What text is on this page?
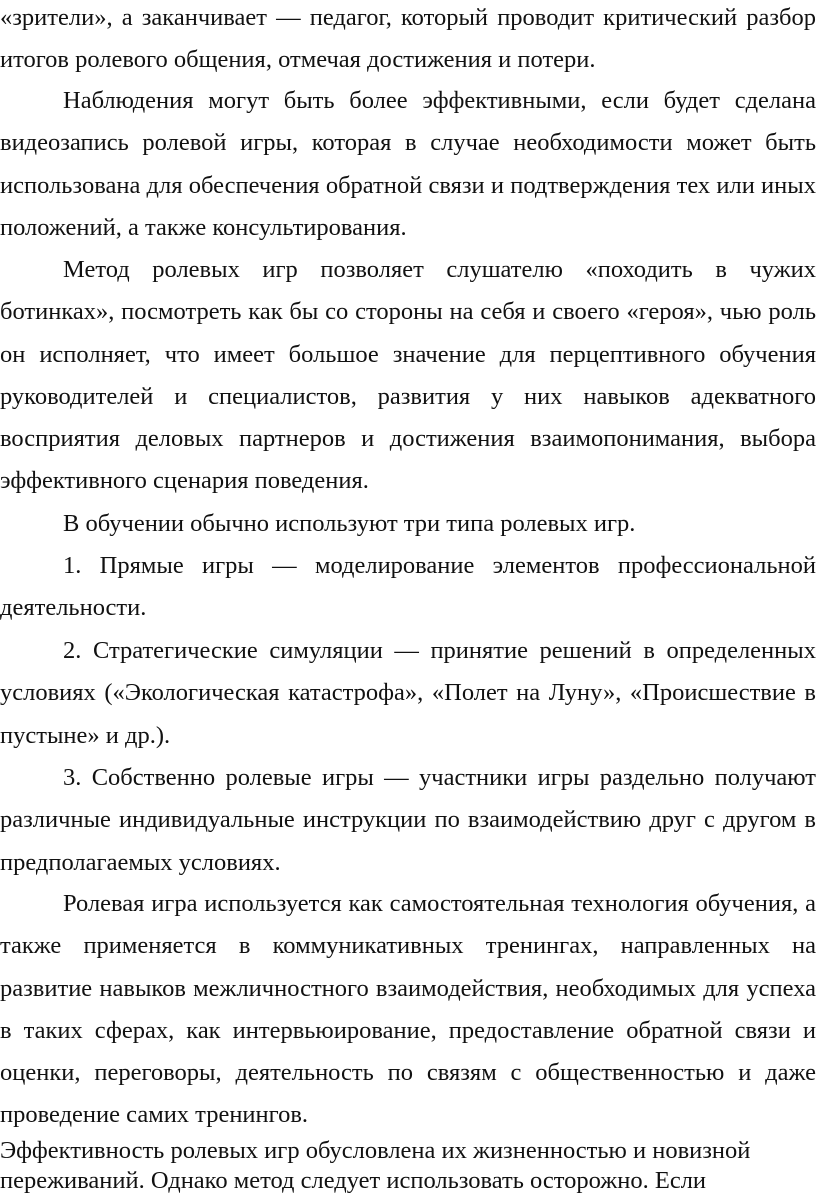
«зрители», а заканчивает — педагог, который проводит критический разбор итогов ролевого общения, отмечая достижения и потери.

Наблюдения могут быть более эффективными, если будет сделана видеозапись ролевой игры, которая в случае необходимости может быть использована для обеспечения обратной связи и подтверждения тех или иных положений, а также консультирования.

Метод ролевых игр позволяет слушателю «походить в чужих ботинках», посмотреть как бы со стороны на себя и своего «героя», чью роль он исполняет, что имеет большое значение для перцептивного обучения руководителей и специалистов, развития у них навыков адекватного восприятия деловых партнеров и достижения взаимопонимания, выбора эффективного сценария поведения.

В обучении обычно используют три типа ролевых игр.

1. Прямые игры — моделирование элементов профессиональной деятельности.

2. Стратегические симуляции — принятие решений в определенных условиях («Экологическая катастрофа», «Полет на Луну», «Происшествие в пустыне» и др.).

3. Собственно ролевые игры — участники игры раздельно получают различные индивидуальные инструкции по взаимодействию друг с другом в предполагаемых условиях.

Ролевая игра используется как самостоятельная технология обучения, а также применяется в коммуникативных тренингах, направленных на развитие навыков межличностного взаимодействия, необходимых для успеха в таких сферах, как интервьюирование, предоставление обратной связи и оценки, переговоры, деятельность по связям с общественностью и даже проведение самих тренингов.

Эффективность ролевых игр обусловлена их жизненностью и новизной переживаний. Однако метод следует использовать осторожно. Если
